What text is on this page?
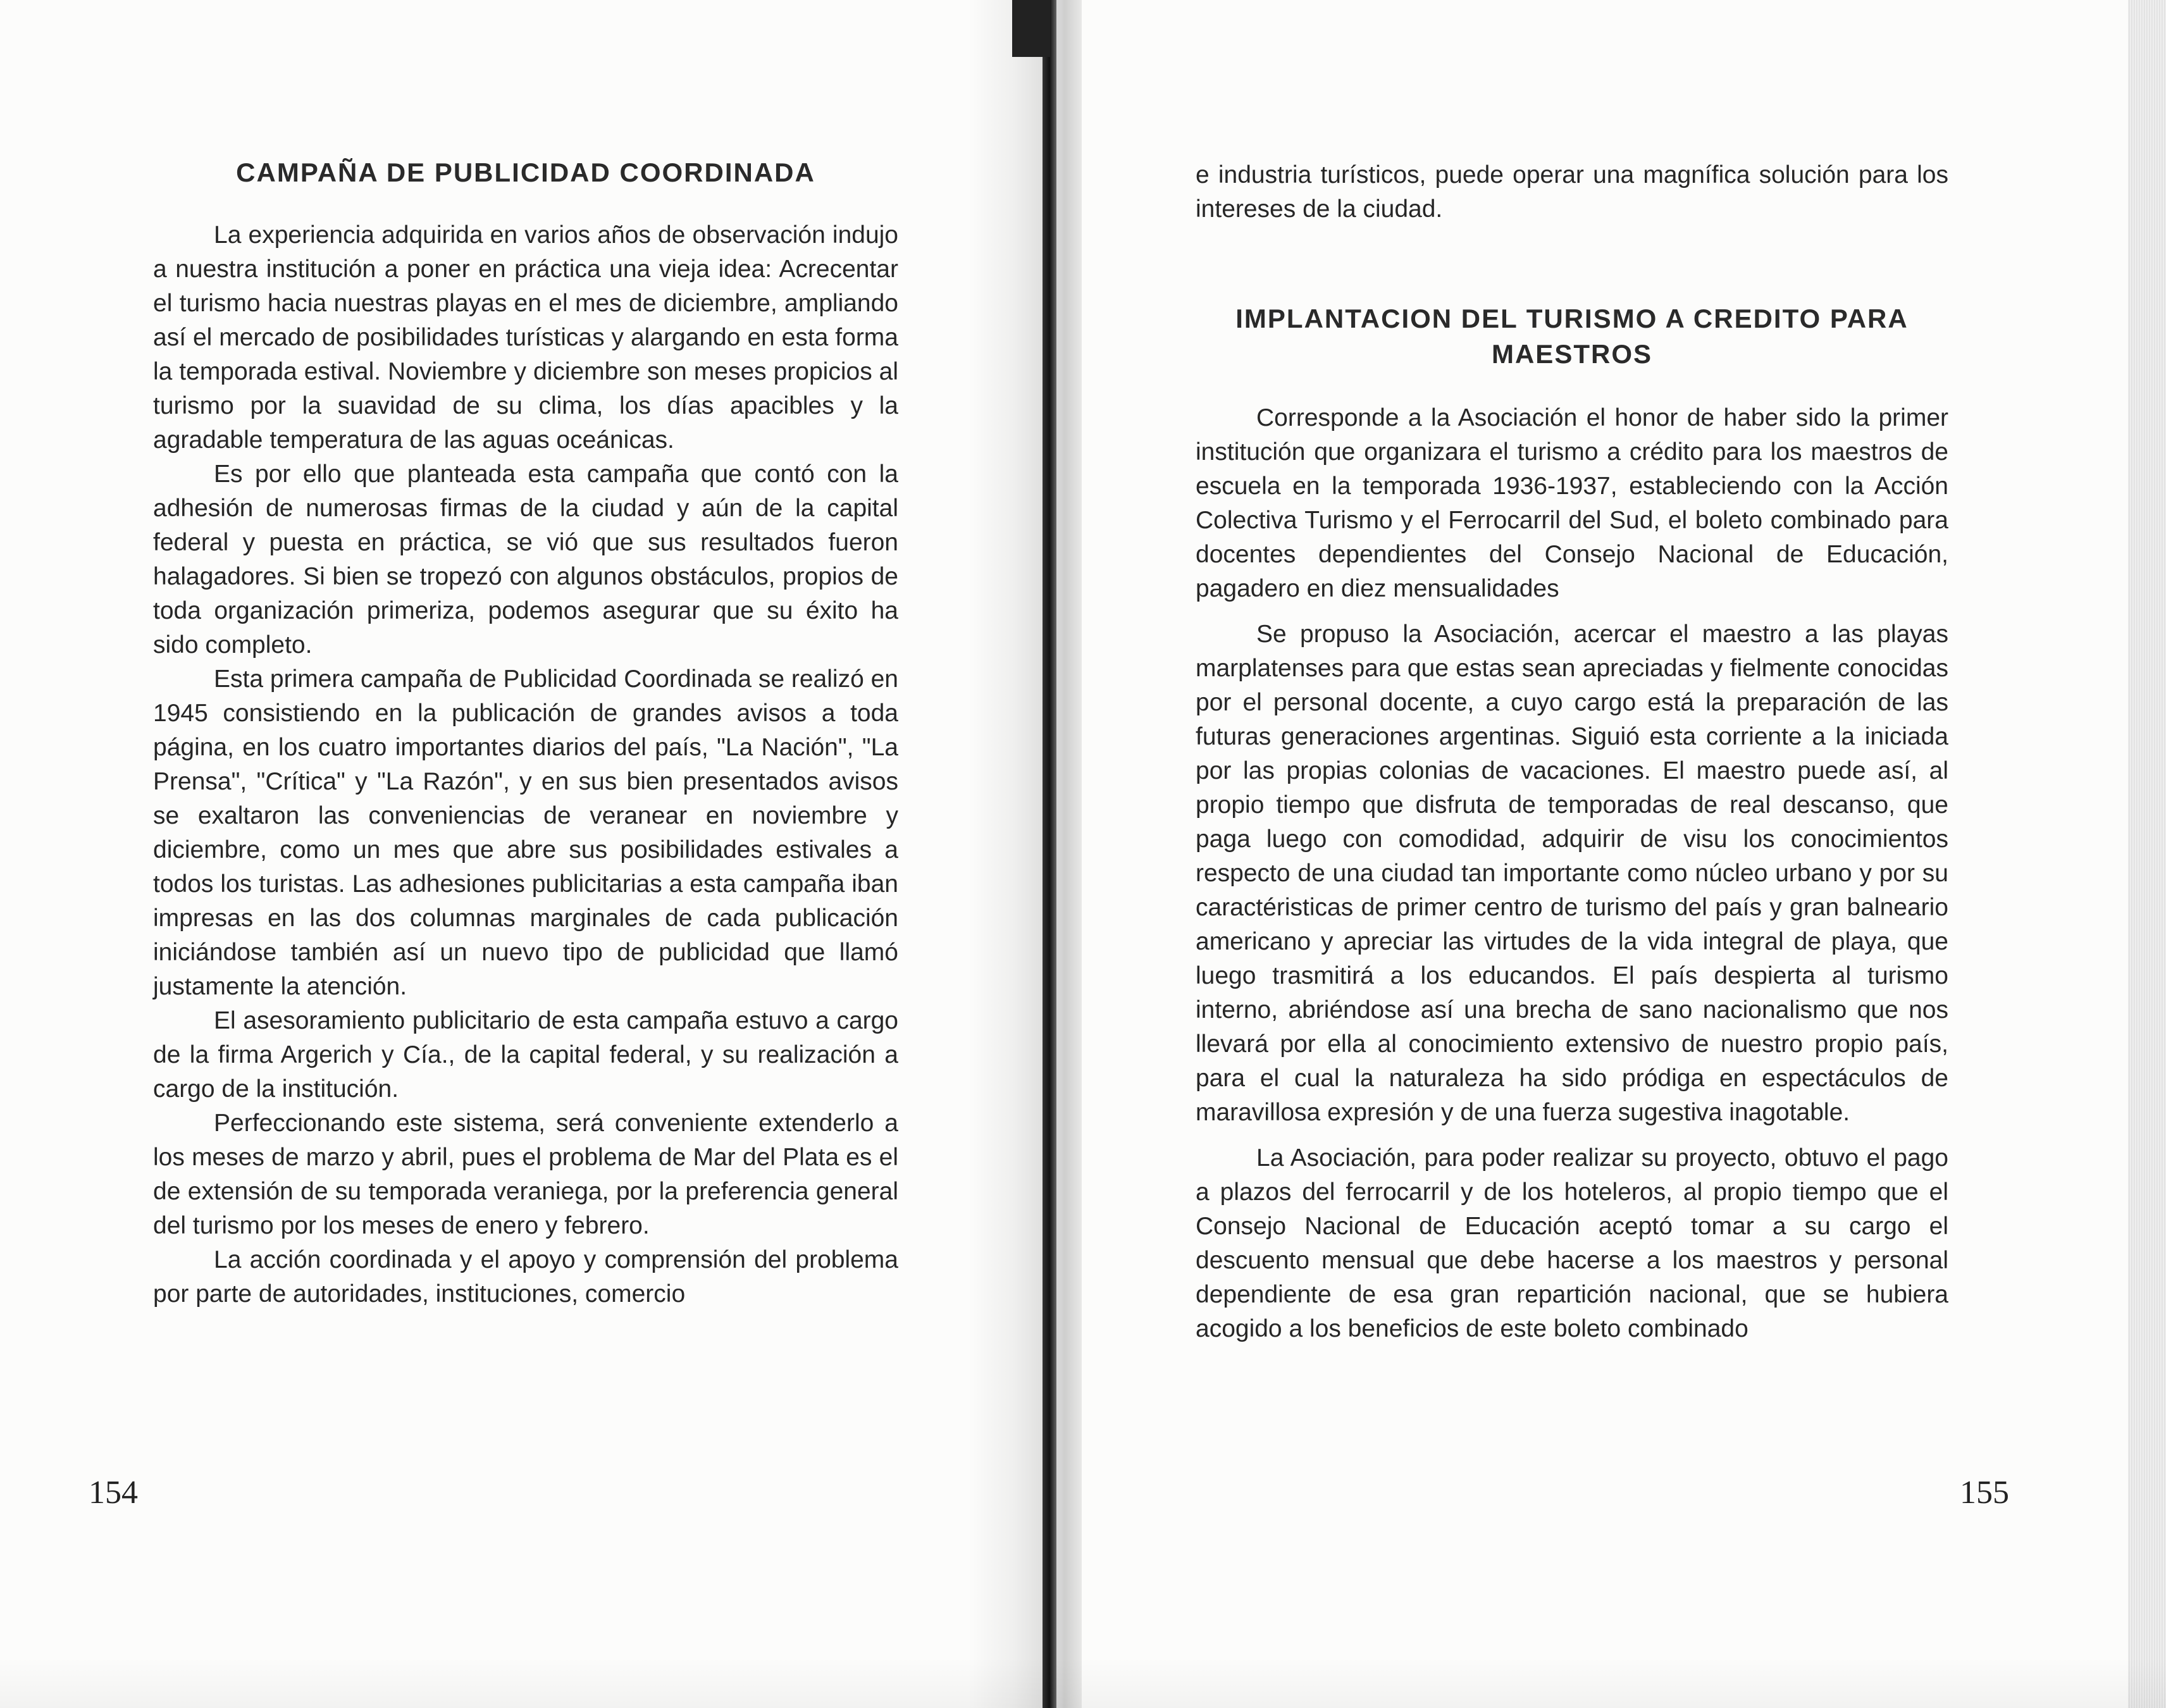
CAMPAÑA DE PUBLICIDAD COORDINADA

La experiencia adquirida en varios años de observación indujo a nuestra institución a poner en práctica una vieja idea: Acrecentar el turismo hacia nuestras playas en el mes de diciembre, ampliando así el mercado de posibilidades turísticas y alargando en esta forma la temporada estival. Noviembre y diciembre son meses propicios al turismo por la suavidad de su clima, los días apacibles y la agradable temperatura de las aguas oceánicas.

Es por ello que planteada esta campaña que contó con la adhesión de numerosas firmas de la ciudad y aún de la capital federal y puesta en práctica, se vió que sus resultados fueron halagadores. Si bien se tropezó con algunos obstáculos, propios de toda organización primeriza, podemos asegurar que su éxito ha sido completo.

Esta primera campaña de Publicidad Coordinada se realizó en 1945 consistiendo en la publicación de grandes avisos a toda página, en los cuatro importantes diarios del país, "La Nación", "La Prensa", "Crítica" y "La Razón", y en sus bien presentados avisos se exaltaron las conveniencias de veranear en noviembre y diciembre, como un mes que abre sus posibilidades estivales a todos los turistas. Las adhesiones publicitarias a esta campaña iban impresas en las dos columnas marginales de cada publicación iniciándose también así un nuevo tipo de publicidad que llamó justamente la atención.

El asesoramiento publicitario de esta campaña estuvo a cargo de la firma Argerich y Cía., de la capital federal, y su realización a cargo de la institución.

Perfeccionando este sistema, será conveniente extenderlo a los meses de marzo y abril, pues el problema de Mar del Plata es el de extensión de su temporada veraniega, por la preferencia general del turismo por los meses de enero y febrero.

La acción coordinada y el apoyo y comprensión del problema por parte de autoridades, instituciones, comercio

154

e industria turísticos, puede operar una magnífica solución para los intereses de la ciudad.

IMPLANTACION DEL TURISMO A CREDITO PARA
MAESTROS

Corresponde a la Asociación el honor de haber sido la primer institución que organizara el turismo a crédito para los maestros de escuela en la temporada 1936-1937, estableciendo con la Acción Colectiva Turismo y el Ferrocarril del Sud, el boleto combinado para docentes dependientes del Consejo Nacional de Educación, pagadero en diez mensualidades

Se propuso la Asociación, acercar el maestro a las playas marplatenses para que estas sean apreciadas y fielmente conocidas por el personal docente, a cuyo cargo está la preparación de las futuras generaciones argentinas. Siguió esta corriente a la iniciada por las propias colonias de vacaciones. El maestro puede así, al propio tiempo que disfruta de temporadas de real descanso, que paga luego con comodidad, adquirir de visu los conocimientos respecto de una ciudad tan importante como núcleo urbano y por su caractéristicas de primer centro de turismo del país y gran balneario americano y apreciar las virtudes de la vida integral de playa, que luego trasmitirá a los educandos. El país despierta al turismo interno, abriéndose así una brecha de sano nacionalismo que nos llevará por ella al conocimiento extensivo de nuestro propio país, para el cual la naturaleza ha sido pródiga en espectáculos de maravillosa expresión y de una fuerza sugestiva inagotable.

La Asociación, para poder realizar su proyecto, obtuvo el pago a plazos del ferrocarril y de los hoteleros, al propio tiempo que el Consejo Nacional de Educación aceptó tomar a su cargo el descuento mensual que debe hacerse a los maestros y personal dependiente de esa gran repartición nacional, que se hubiera acogido a los beneficios de este boleto combinado

155
